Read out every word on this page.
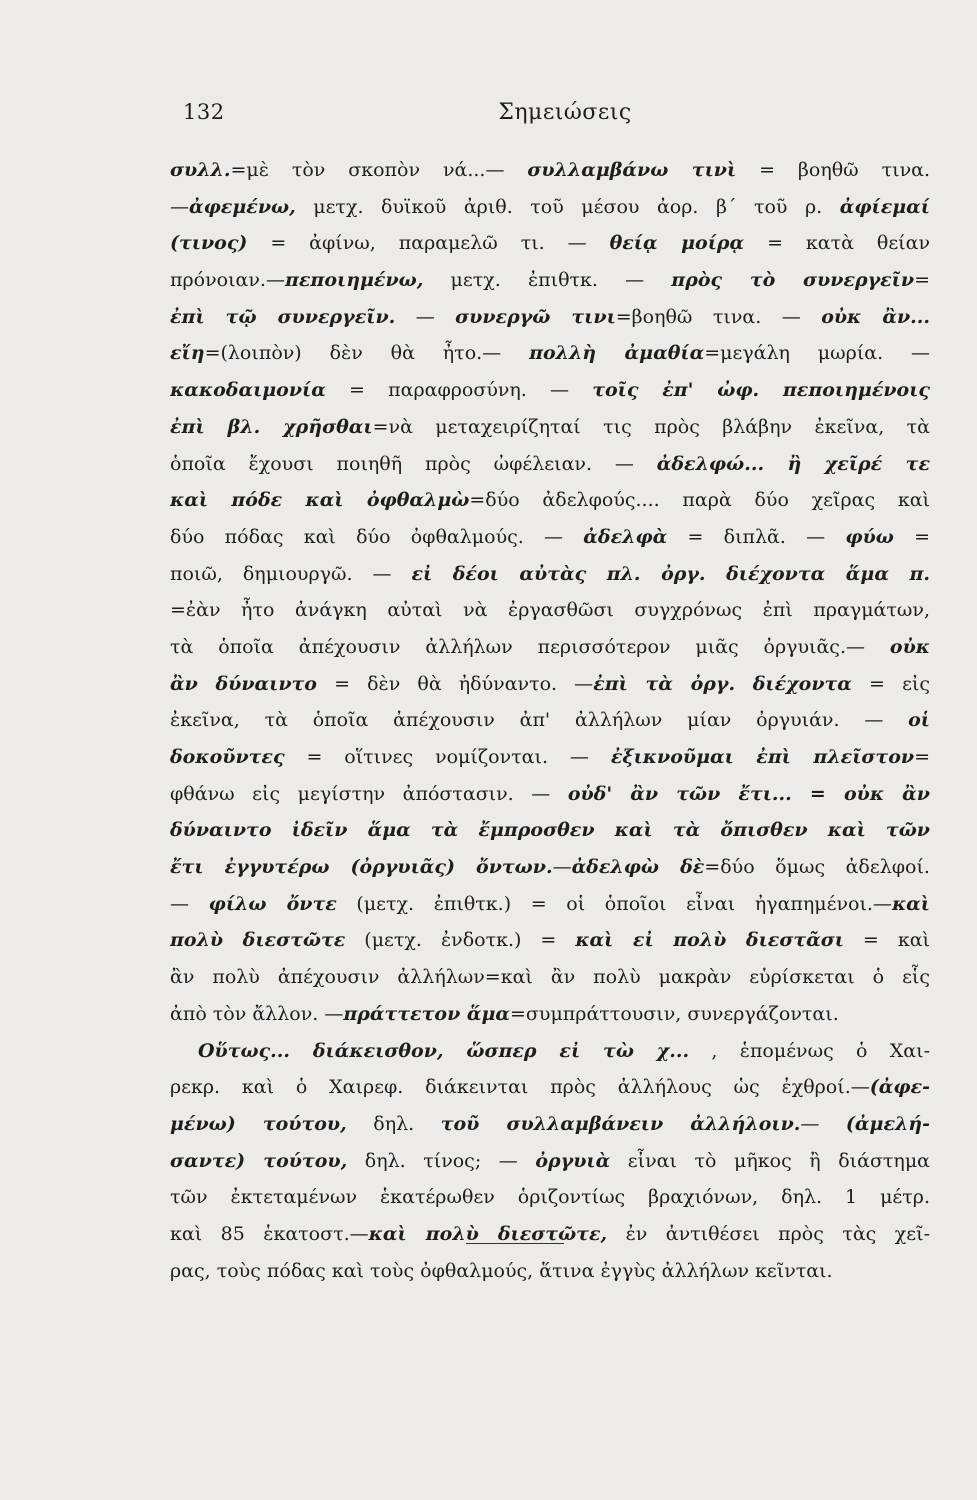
132	Σημειώσεις
συλλ.=μὲ τὸν σκοπὸν νά...— συλλαμβάνω τινὶ = βοηθῶ τινα.
—ἀφεμένω, μετχ. δυϊκοῦ ἀριθ. τοῦ μέσου ἀορ. β΄ τοῦ ρ. ἀφίεμαί
(τινος) = ἀφίνω, παραμελῶ τι. — θείᾳ μοίρᾳ = κατὰ θείαν
πρόνοιαν.—πεποιημένω, μετχ. ἐπιθτκ. — πρὸς τὸ συνεργεῖν=
ἐπὶ τῷ συνεργεῖν. — συνεργῶ τινι=βοηθῶ τινα. — οὐκ ἂν...
εἴη=(λοιπὸν) δὲν θὰ ἦτο.— πολλὴ ἀμαθία=μεγάλη μωρία. —
κακοδαιμονία = παραφροσύνη. — τοῖς ἐπ' ὠφ. πεποιημένοις
ἐπὶ βλ. χρῆσθαι=νὰ μεταχειρίζηταί τις πρὸς βλάβην ἐκεῖνα, τὰ
ὁποῖα ἔχουσι ποιηθῆ πρὸς ὠφέλειαν. — ἀδελφώ... ἢ χεῖρέ τε
καὶ πόδε καὶ ὀφθαλμὼ=δύο ἀδελφούς.... παρὰ δύο χεῖρας καὶ
δύο πόδας καὶ δύο ὀφθαλμούς. — ἀδελφὰ = διπλᾶ. — φύω =
ποιῶ, δημιουργῶ. — εἰ δέοι αὐτὰς πλ. ὀργ. διέχοντα ἅμα π.
=ἐὰν ἦτο ἀνάγκη αὐταὶ νὰ ἐργασθῶσι συγχρόνως ἐπὶ πραγμάτων,
τὰ ὁποῖα ἀπέχουσιν ἀλλήλων περισσότερον μιᾶς ὀργυιᾶς.— οὐκ
ἂν δύναιντο = δὲν θὰ ἠδύναντο. —ἐπὶ τὰ ὀργ. διέχοντα = εἰς
ἐκεῖνα, τὰ ὁποῖα ἀπέχουσιν ἀπ' ἀλλήλων μίαν ὀργυιάν. — οἱ
δοκοῦντες = οἵτινες νομίζονται. — ἐξικνοῦμαι ἐπὶ πλεῖστον=
φθάνω εἰς μεγίστην ἀπόστασιν. — οὐδ' ἂν τῶν ἔτι... = οὐκ ἂν
δύναιντο ἰδεῖν ἅμα τὰ ἔμπροσθεν καὶ τὰ ὄπισθεν καὶ τῶν
ἔτι ἐγγυτέρω (ὀργυιᾶς) ὄντων.—ἀδελφὼ δὲ=δύο ὅμως ἀδελφοί.
— φίλω ὄντε (μετχ. ἐπιθτκ.) = οἱ ὁποῖοι εἶναι ἠγαπημένοι.—καὶ
πολὺ διεστῶτε (μετχ. ἐνδοτκ.) = καὶ εἰ πολὺ διεστᾶσι = καὶ
ἂν πολὺ ἀπέχουσιν ἀλλήλων=καὶ ἂν πολὺ μακρὰν εὑρίσκεται ὁ εἷς
ἀπὸ τὸν ἄλλον. —πράττετον ἅμα=συμπράττουσιν, συνεργάζονται.
Οὕτως... διάκεισθον, ὥσπερ εἰ τὼ χ... , ἑπομένως ὁ Χαι-
ρεκρ. καὶ ὁ Χαιρεφ. διάκεινται πρὸς ἀλλήλους ὡς ἐχθροί.—(ἀφε-
μένω) τούτου, δηλ. τοῦ συλλαμβάνειν ἀλλήλοιν.— (ἀμελή-
σαντε) τούτου, δηλ. τίνος; — ὀργυιὰ εἶναι τὸ μῆκος ἢ διάστημα
τῶν ἐκτεταμένων ἑκατέρωθεν ὁριζοντίως βραχιόνων, δηλ. 1 μέτρ.
καὶ 85 ἑκατοστ.—καὶ πολὺ διεστῶτε, ἐν ἀντιθέσει πρὸς τὰς χεῖ-
ρας, τοὺς πόδας καὶ τοὺς ὀφθαλμούς, ἅτινα ἐγγὺς ἀλλήλων κεῖνται.
